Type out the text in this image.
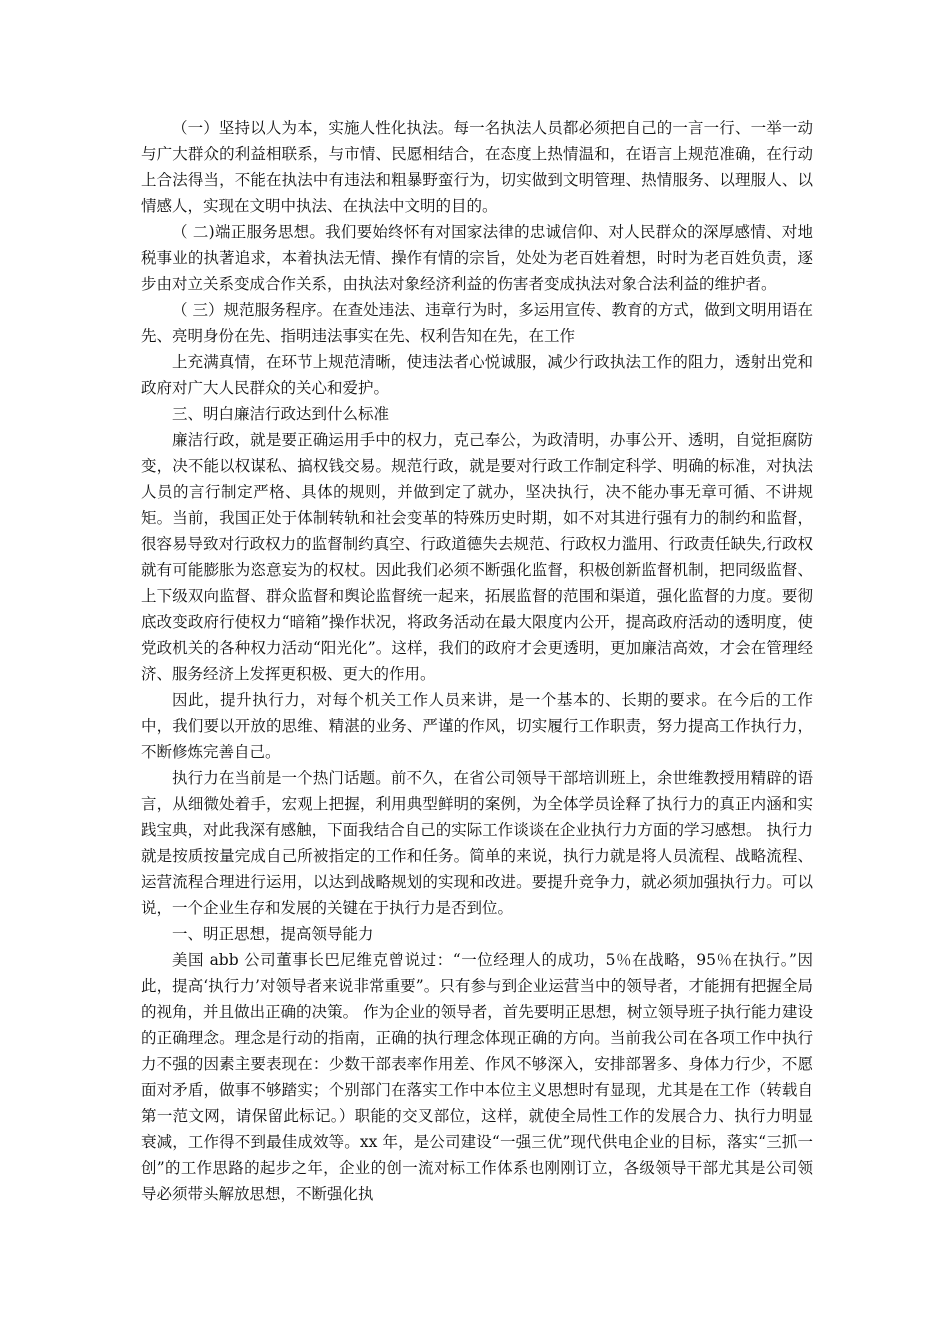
（一）坚持以人为本，实施人性化执法。每一名执法人员都必须把自己的一言一行、一举一动与广大群众的利益相联系，与市情、民愿相结合，在态度上热情温和，在语言上规范准确，在行动上合法得当，不能在执法中有违法和粗暴野蛮行为，切实做到文明管理、热情服务、以理服人、以情感人，实现在文明中执法、在执法中文明的目的。

（ 二)端正服务思想。我们要始终怀有对国家法律的忠诚信仰、对人民群众的深厚感情、对地税事业的执著追求，本着执法无情、操作有情的宗旨，处处为老百姓着想，时时为老百姓负责，逐步由对立关系变成合作关系，由执法对象经济利益的伤害者变成执法对象合法利益的维护者。

（ 三）规范服务程序。在查处违法、违章行为时，多运用宣传、教育的方式，做到文明用语在先、亮明身份在先、指明违法事实在先、权利告知在先，在工作

上充满真情，在环节上规范清晰，使违法者心悦诚服，减少行政执法工作的阻力，透射出党和政府对广大人民群众的关心和爱护。

三、明白廉洁行政达到什么标准

廉洁行政，就是要正确运用手中的权力，克己奉公，为政清明，办事公开、透明，自觉拒腐防变，决不能以权谋私、搞权钱交易。规范行政，就是要对行政工作制定科学、明确的标准，对执法人员的言行制定严格、具体的规则，并做到定了就办，坚决执行，决不能办事无章可循、不讲规矩。当前，我国正处于体制转轨和社会变革的特殊历史时期，如不对其进行强有力的制约和监督，很容易导致对行政权力的监督制约真空、行政道德失去规范、行政权力滥用、行政责任缺失,行政权就有可能膨胀为恣意妄为的权杖。因此我们必须不断强化监督，积极创新监督机制，把同级监督、上下级双向监督、群众监督和舆论监督统一起来，拓展监督的范围和渠道，强化监督的力度。要彻底改变政府行使权力“暗箱”操作状况，将政务活动在最大限度内公开，提高政府活动的透明度，使党政机关的各种权力活动“阳光化”。这样，我们的政府才会更透明，更加廉洁高效，才会在管理经济、服务经济上发挥更积极、更大的作用。

因此，提升执行力，对每个机关工作人员来讲，是一个基本的、长期的要求。在今后的工作中，我们要以开放的思维、精湛的业务、严谨的作风，切实履行工作职责，努力提高工作执行力，不断修炼完善自己。

执行力在当前是一个热门话题。前不久，在省公司领导干部培训班上，余世维教授用精辟的语言，从细微处着手，宏观上把握，利用典型鲜明的案例，为全体学员诠释了执行力的真正内涵和实践宝典，对此我深有感触，下面我结合自己的实际工作谈谈在企业执行力方面的学习感想。 执行力就是按质按量完成自己所被指定的工作和任务。简单的来说，执行力就是将人员流程、战略流程、运营流程合理进行运用，以达到战略规划的实现和改进。要提升竞争力，就必须加强执行力。可以说，一个企业生存和发展的关键在于执行力是否到位。

一、明正思想，提高领导能力

美国 abb 公司董事长巴尼维克曾说过：“一位经理人的成功，5％在战略，95％在执行。”因此，提高‘执行力’对领导者来说非常重要”。只有参与到企业运营当中的领导者，才能拥有把握全局的视角，并且做出正确的决策。 作为企业的领导者，首先要明正思想，树立领导班子执行能力建设的正确理念。理念是行动的指南，正确的执行理念体现正确的方向。当前我公司在各项工作中执行力不强的因素主要表现在：少数干部表率作用差、作风不够深入，安排部署多、身体力行少，不愿面对矛盾，做事不够踏实；个别部门在落实工作中本位主义思想时有显现，尤其是在工作（转载自第一范文网，请保留此标记。）职能的交叉部位，这样，就使全局性工作的发展合力、执行力明显衰减，工作得不到最佳成效等。xx 年，是公司建设“一强三优”现代供电企业的目标，落实“三抓一创”的工作思路的起步之年，企业的创一流对标工作体系也刚刚订立，各级领导干部尤其是公司领导必须带头解放思想，不断强化执
